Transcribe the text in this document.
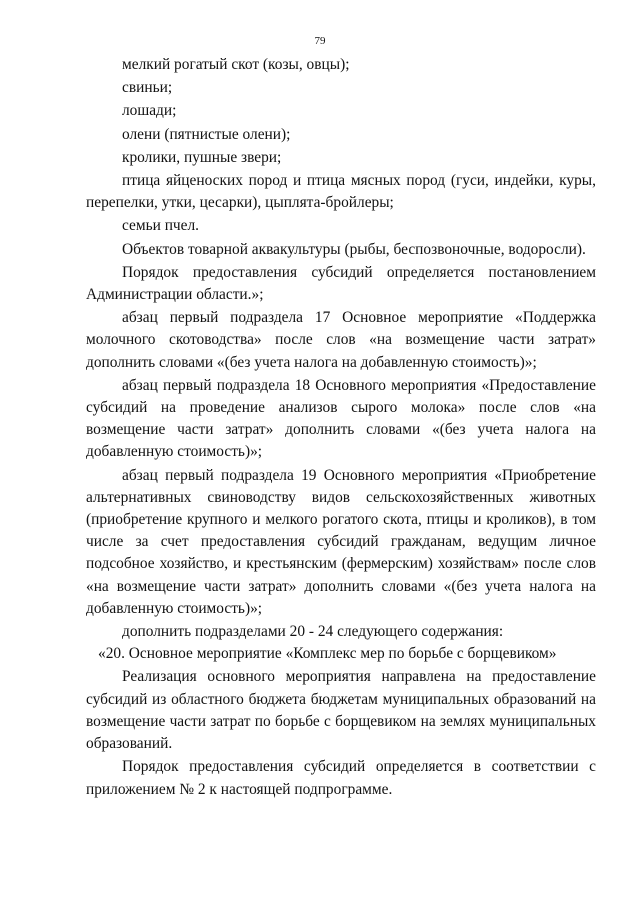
79

мелкий рогатый скот (козы, овцы);

свиньи;

лошади;

олени (пятнистые олени);

кролики, пушные звери;

птица яйценоских пород и птица мясных пород (гуси, индейки, куры, перепелки, утки, цесарки), цыплята-бройлеры;

семьи пчел.

Объектов товарной аквакультуры (рыбы, беспозвоночные, водоросли).

Порядок предоставления субсидий определяется постановлением Администрации области.»;

абзац первый подраздела 17 Основное мероприятие «Поддержка молочного скотоводства» после слов «на возмещение части затрат» дополнить словами «(без учета налога на добавленную стоимость)»;

абзац первый подраздела 18 Основного мероприятия «Предоставление субсидий на проведение анализов сырого молока» после слов «на возмещение части затрат» дополнить словами «(без учета налога на добавленную стоимость)»;

абзац первый подраздела 19 Основного мероприятия «Приобретение альтернативных свиноводству видов сельскохозяйственных животных (приобретение крупного и мелкого рогатого скота, птицы и кроликов), в том числе за счет предоставления субсидий гражданам, ведущим личное подсобное хозяйство, и крестьянским (фермерским) хозяйствам» после слов «на возмещение части затрат» дополнить словами «(без учета налога на добавленную стоимость)»;

дополнить подразделами 20 - 24 следующего содержания:

«20. Основное мероприятие «Комплекс мер по борьбе с борщевиком»

Реализация основного мероприятия направлена на предоставление субсидий из областного бюджета бюджетам муниципальных образований на возмещение части затрат по борьбе с борщевиком на землях муниципальных образований.

Порядок предоставления субсидий определяется в соответствии с приложением № 2 к настоящей подпрограмме.
